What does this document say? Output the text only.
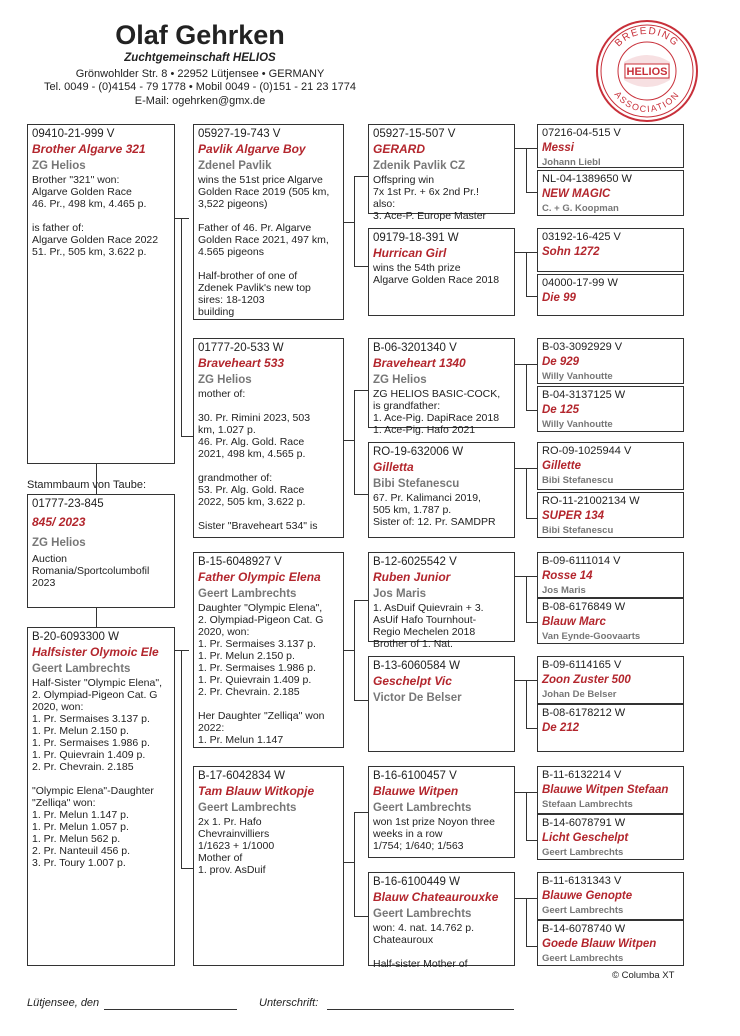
Olaf Gehrken
Zuchtgemeinschaft HELIOS
Grönwohlder Str. 8 • 22952 Lütjensee • GERMANY
Tel. 0049 - (0)4154 - 79 1778 • Mobil 0049 - (0)151 - 21 23 1774
E-Mail: ogehrken@gmx.de
BREEDING
ASSOCIATION
HELIOS
09410-21-999 V
Brother Algarve 321
ZG Helios
Brother "321" won:
Algarve Golden Race
46. Pr., 498 km, 4.465 p.

is father of:
Algarve Golden Race 2022
51. Pr., 505 km, 3.622 p.
Stammbaum von Taube:
01777-23-845
845/ 2023
ZG Helios
Auction
Romania/Sportcolumbofil
2023
B-20-6093300 W
Halfsister Olymoic Ele
Geert Lambrechts
Half-Sister "Olympic Elena",
2. Olympiad-Pigeon Cat. G
2020, won:
1. Pr. Sermaises 3.137 p.
1. Pr. Melun 2.150 p.
1. Pr. Sermaises 1.986 p.
1. Pr. Quievrain 1.409 p.
2. Pr. Chevrain. 2.185

"Olympic Elena"-Daughter
"Zelliqa" won:
1. Pr. Melun 1.147 p.
1. Pr. Melun 1.057 p.
1. Pr. Melun 562 p.
2. Pr. Nanteuil 456 p.
3. Pr. Toury 1.007 p.
05927-19-743 V
Pavlik Algarve Boy
Zdenel Pavlik
wins the 51st price Algarve
Golden Race 2019 (505 km,
3,522 pigeons)

Father of 46. Pr. Algarve
Golden Race 2021, 497 km,
4.565 pigeons

Half-brother of one of
Zdenek Pavlik's new top
sires: 18-1203
building
01777-20-533 W
Braveheart 533
ZG Helios
mother of:

30. Pr. Rimini 2023, 503
km, 1.027 p.
46. Pr. Alg. Gold. Race
2021, 498 km, 4.565 p.

grandmother of:
53. Pr. Alg. Gold. Race
2022, 505 km, 3.622 p.

Sister "Braveheart 534" is
B-15-6048927 V
Father Olympic Elena
Geert Lambrechts
Daughter "Olympic Elena",
2. Olympiad-Pigeon Cat. G
2020, won:
1. Pr. Sermaises 3.137 p.
1. Pr. Melun 2.150 p.
1. Pr. Sermaises 1.986 p.
1. Pr. Quievrain 1.409 p.
2. Pr. Chevrain. 2.185

Her Daughter "Zelliqa" won
2022:
1. Pr. Melun 1.147
B-17-6042834 W
Tam Blauw Witkopje
Geert Lambrechts
2x 1. Pr. Hafo
Chevrainvilliers
1/1623 + 1/1000
Mother of
1. prov. AsDuif
05927-15-507 V
GERARD
Zdenik Pavlik CZ
Offspring win
7x 1st Pr. + 6x 2nd Pr.!
also:
3. Ace-P. Europe Master
09179-18-391 W
Hurrican Girl
wins the 54th prize
Algarve Golden Race 2018
B-06-3201340 V
Braveheart 1340
ZG Helios
ZG HELIOS BASIC-COCK,
is grandfather:
1. Ace-Pig. DapiRace 2018
1. Ace-Pig. Hafo 2021
RO-19-632006 W
Gilletta
Bibi Stefanescu
67. Pr. Kalimanci 2019,
505 km, 1.787 p.
Sister of: 12. Pr. SAMDPR
B-12-6025542 V
Ruben Junior
Jos Maris
1. AsDuif Quievrain + 3.
AsUif Hafo Tournhout-
Regio Mechelen 2018
Brother of 1. Nat.
B-13-6060584 W
Geschelpt Vic
Victor De Belser
B-16-6100457 V
Blauwe Witpen
Geert Lambrechts
won 1st prize Noyon three
weeks in a row
1/754; 1/640; 1/563
B-16-6100449 W
Blauw Chateaurouxke
Geert Lambrechts
won: 4. nat. 14.762 p.
Chateauroux

Half-sister Mother of
07216-04-515 V
Messi
Johann Liebl
NL-04-1389650 W
NEW MAGIC
C. + G. Koopman
03192-16-425 V
Sohn 1272
04000-17-99 W
Die 99
B-03-3092929 V
De 929
Willy Vanhoutte
B-04-3137125 W
De 125
Willy Vanhoutte
RO-09-1025944 V
Gillette
Bibi Stefanescu
RO-11-21002134 W
SUPER 134
Bibi Stefanescu
B-09-6111014 V
Rosse 14
Jos Maris
B-08-6176849 W
Blauw Marc
Van Eynde-Goovaarts
B-09-6114165 V
Zoon Zuster 500
Johan De Belser
B-08-6178212 W
De 212
B-11-6132214 V
Blauwe Witpen Stefaan
Stefaan Lambrechts
B-14-6078791 W
Licht Geschelpt
Geert Lambrechts
B-11-6131343 V
Blauwe Genopte
Geert Lambrechts
B-14-6078740 W
Goede Blauw Witpen
Geert Lambrechts
© Columba XT
Lütjensee, den	Unterschrift:
